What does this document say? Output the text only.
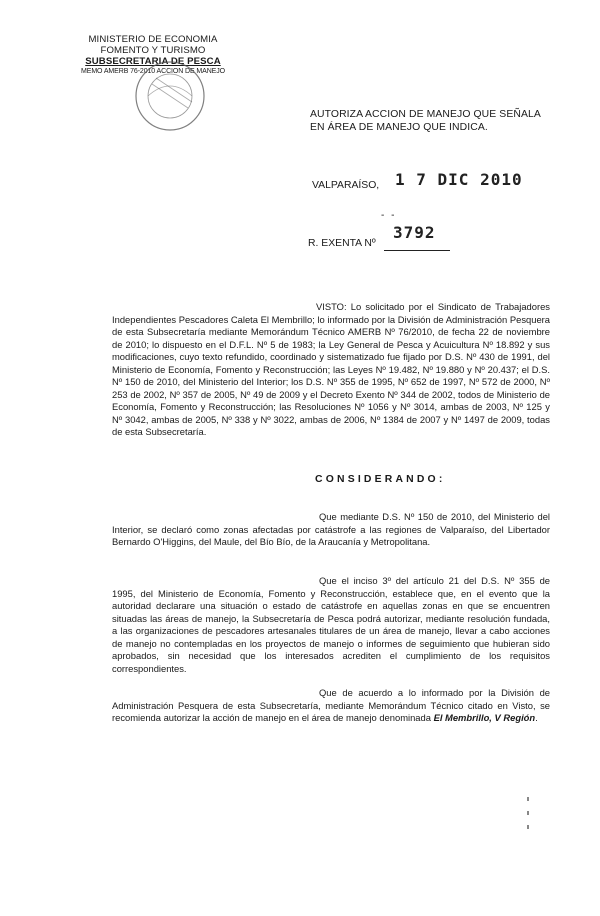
MINISTERIO DE ECONOMIA
FOMENTO Y TURISMO
SUBSECRETARIA DE PESCA
MEMO AMERB 76-2010 ACCION DE MANEJO
AUTORIZA ACCION DE MANEJO QUE SEÑALA EN ÁREA DE MANEJO QUE INDICA.
VALPARAÍSO, 1 7 DIC 2010
- -
3792
R. EXENTA Nº
VISTO: Lo solicitado por el Sindicato de Trabajadores Independientes Pescadores Caleta El Membrillo; lo informado por la División de Administración Pesquera de esta Subsecretaría mediante Memorándum Técnico AMERB Nº 76/2010, de fecha 22 de noviembre de 2010; lo dispuesto en el D.F.L. Nº 5 de 1983; la Ley General de Pesca y Acuicultura Nº 18.892 y sus modificaciones, cuyo texto refundido, coordinado y sistematizado fue fijado por D.S. Nº 430 de 1991, del Ministerio de Economía, Fomento y Reconstrucción; las Leyes Nº 19.482, Nº 19.880 y Nº 20.437; el D.S. Nº 150 de 2010, del Ministerio del Interior; los D.S. Nº 355 de 1995, Nº 652 de 1997, Nº 572 de 2000, Nº 253 de 2002, Nº 357 de 2005, Nº 49 de 2009 y el Decreto Exento Nº 344 de 2002, todos de Ministerio de Economía, Fomento y Reconstrucción; las Resoluciones Nº 1056 y Nº 3014, ambas de 2003, Nº 125 y Nº 3042, ambas de 2005, Nº 338 y Nº 3022, ambas de 2006, Nº 1384 de 2007 y Nº 1497 de 2009, todas de esta Subsecretaría.
CONSIDERANDO:
Que mediante D.S. Nº 150 de 2010, del Ministerio del Interior, se declaró como zonas afectadas por catástrofe a las regiones de Valparaíso, del Libertador Bernardo O'Higgins, del Maule, del Bío Bío, de la Araucanía y Metropolitana.
Que el inciso 3º del artículo 21 del D.S. Nº 355 de 1995, del Ministerio de Economía, Fomento y Reconstrucción, establece que, en el evento que la autoridad declarare una situación o estado de catástrofe en aquellas zonas en que se encuentren situadas las áreas de manejo, la Subsecretaría de Pesca podrá autorizar, mediante resolución fundada, a las organizaciones de pescadores artesanales titulares de un área de manejo, llevar a cabo acciones de manejo no contempladas en los proyectos de manejo o informes de seguimiento que hubieran sido aprobados, sin necesidad que los interesados acrediten el cumplimiento de los requisitos correspondientes.
Que de acuerdo a lo informado por la División de Administración Pesquera de esta Subsecretaría, mediante Memorándum Técnico citado en Visto, se recomienda autorizar la acción de manejo en el área de manejo denominada El Membrillo, V Región.
